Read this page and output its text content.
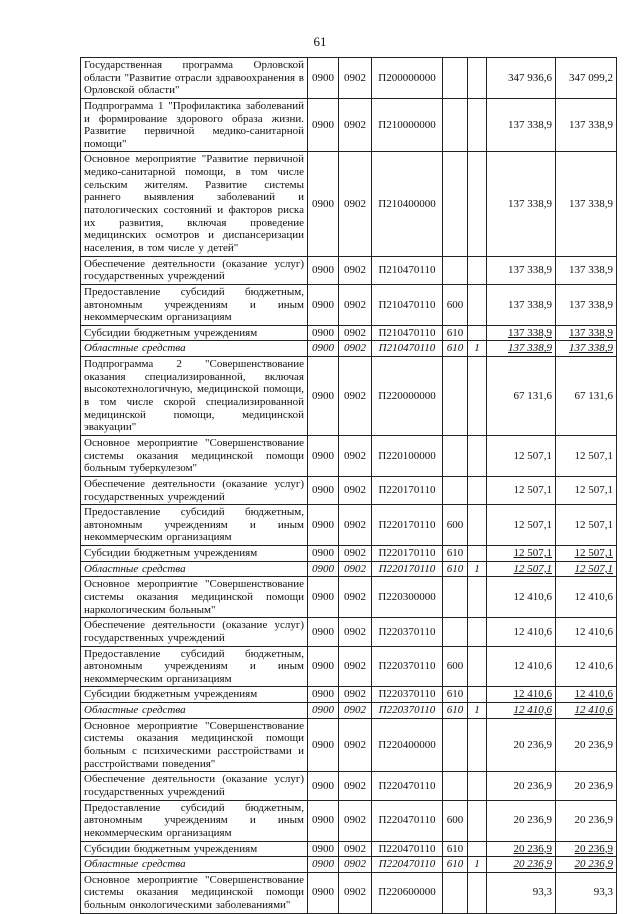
61
Государственная программа Орловской области "Развитие отрасли здравоохранения в Орловской области"	0900	0902	П200000000			347 936,6	347 099,2
Подпрограмма 1 "Профилактика заболеваний и формирование здорового образа жизни. Развитие первичной медико-санитарной помощи"	0900	0902	П210000000			137 338,9	137 338,9
Основное мероприятие "Развитие первичной медико-санитарной помощи, в том числе сельским жителям. Развитие системы раннего выявления заболеваний и патологических состояний и факторов риска их развития, включая проведение медицинских осмотров и диспансеризации населения, в том числе у детей"	0900	0902	П210400000			137 338,9	137 338,9
Обеспечение деятельности (оказание услуг) государственных учреждений	0900	0902	П210470110			137 338,9	137 338,9
Предоставление субсидий бюджетным, автономным учреждениям и иным некоммерческим организациям	0900	0902	П210470110	600		137 338,9	137 338,9
Субсидии бюджетным учреждениям	0900	0902	П210470110	610		137 338,9	137 338,9
Областные средства	0900	0902	П210470110	610	1	137 338,9	137 338,9
Подпрограмма 2 "Совершенствование оказания специализированной, включая высокотехнологичную, медицинской помощи, в том числе скорой специализированной медицинской помощи, медицинской эвакуации"	0900	0902	П220000000			67 131,6	67 131,6
Основное мероприятие "Совершенствование системы оказания медицинской помощи больным туберкулезом"	0900	0902	П220100000			12 507,1	12 507,1
Обеспечение деятельности (оказание услуг) государственных учреждений	0900	0902	П220170110			12 507,1	12 507,1
Предоставление субсидий бюджетным, автономным учреждениям и иным некоммерческим организациям	0900	0902	П220170110	600		12 507,1	12 507,1
Субсидии бюджетным учреждениям	0900	0902	П220170110	610		12 507,1	12 507,1
Областные средства	0900	0902	П220170110	610	1	12 507,1	12 507,1
Основное мероприятие "Совершенствование системы оказания медицинской помощи наркологическим больным"	0900	0902	П220300000			12 410,6	12 410,6
Обеспечение деятельности (оказание услуг) государственных учреждений	0900	0902	П220370110			12 410,6	12 410,6
Предоставление субсидий бюджетным, автономным учреждениям и иным некоммерческим организациям	0900	0902	П220370110	600		12 410,6	12 410,6
Субсидии бюджетным учреждениям	0900	0902	П220370110	610		12 410,6	12 410,6
Областные средства	0900	0902	П220370110	610	1	12 410,6	12 410,6
Основное мероприятие "Совершенствование системы оказания медицинской помощи больным с психическими расстройствами и расстройствами поведения"	0900	0902	П220400000			20 236,9	20 236,9
Обеспечение деятельности (оказание услуг) государственных учреждений	0900	0902	П220470110			20 236,9	20 236,9
Предоставление субсидий бюджетным, автономным учреждениям и иным некоммерческим организациям	0900	0902	П220470110	600		20 236,9	20 236,9
Субсидии бюджетным учреждениям	0900	0902	П220470110	610		20 236,9	20 236,9
Областные средства	0900	0902	П220470110	610	1	20 236,9	20 236,9
Основное мероприятие "Совершенствование системы оказания медицинской помощи больным онкологическими заболеваниями"	0900	0902	П220600000			93,3	93,3
